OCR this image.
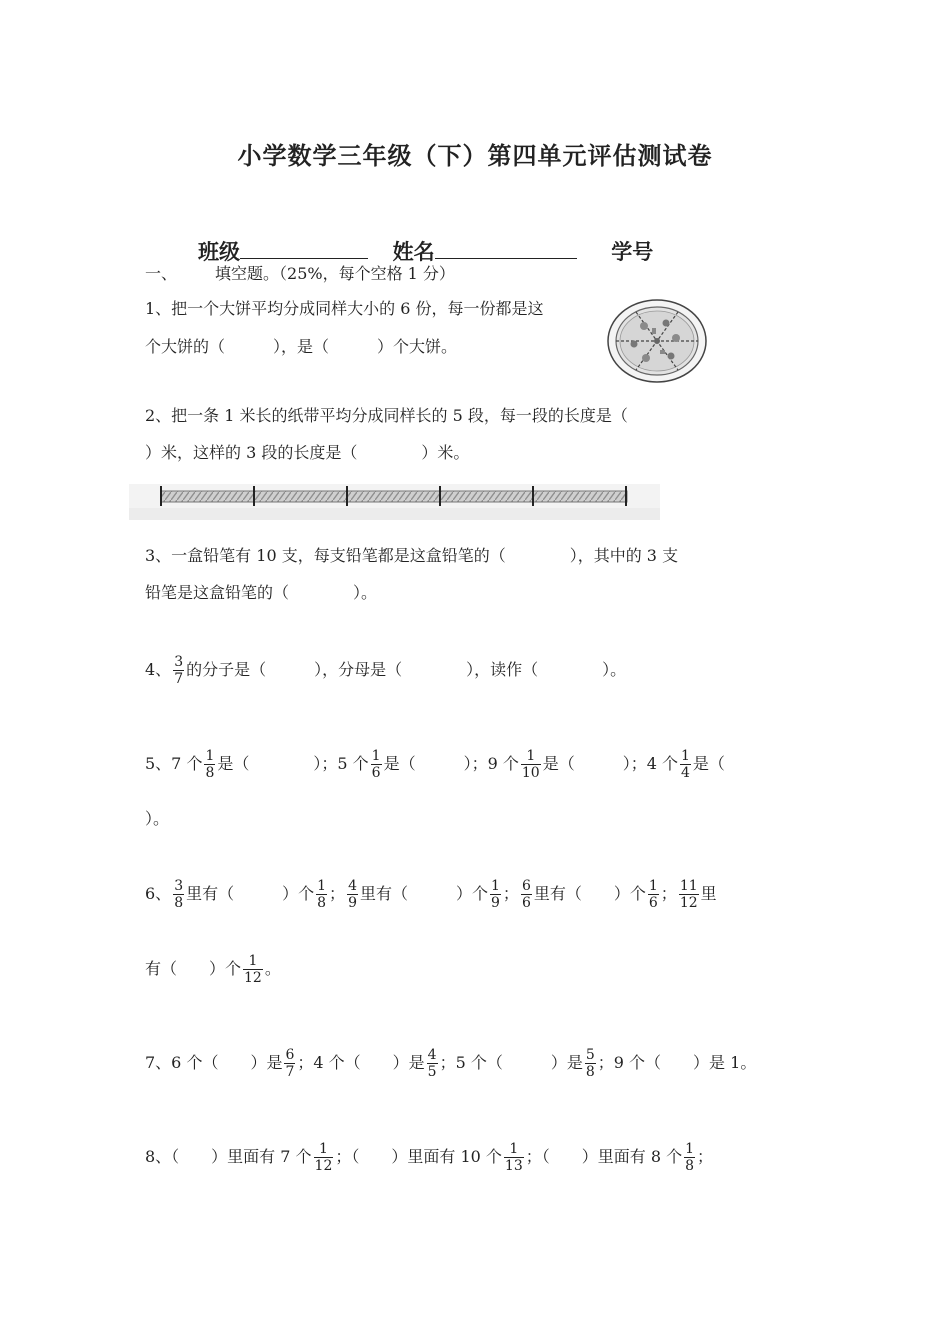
小学数学三年级（下）第四单元评估测试卷
班级	姓名	学号
一、 填空题。（25%，每个空格 1 分）
1、把一个大饼平均分成同样大小的 6 份，每一份都是这
个大饼的（　　　），是（　　　）个大饼。
2、把一条 1 米长的纸带平均分成同样长的 5 段，每一段的长度是（
）米，这样的 3 段的长度是（　　　　）米。
3、一盒铅笔有 10 支，每支铅笔都是这盒铅笔的（　　　　），其中的 3 支
铅笔是这盒铅笔的（　　　　）。
4、 $\frac{3}{7}$ 的分子是（　　　），分母是（　　　　），读作（　　　　）。
5、7 个 $\frac{1}{8}$ 是（　　　　）；5 个 $\frac{1}{6}$ 是（　　　）；9 个 $\frac{1}{10}$ 是（　　　）；4 个 $\frac{1}{4}$ 是（
）。
6、 $\frac{3}{8}$ 里有（　　　）个 $\frac{1}{8}$ ； $\frac{4}{9}$ 里有（　　　）个 $\frac{1}{9}$ ； $\frac{6}{6}$ 里有（　　）个 $\frac{1}{6}$ ； $\frac{11}{12}$ 里
有（　　）个 $\frac{1}{12}$ 。
7、6 个（　　）是 $\frac{6}{7}$ ；4 个（　　）是 $\frac{4}{5}$ ；5 个（　　　）是 $\frac{5}{8}$ ；9 个（　　）是 1。
8、（　　）里面有 7 个 $\frac{1}{12}$ ；（　　）里面有 10 个 $\frac{1}{13}$ ；（　　）里面有 8 个 $\frac{1}{8}$ ；
